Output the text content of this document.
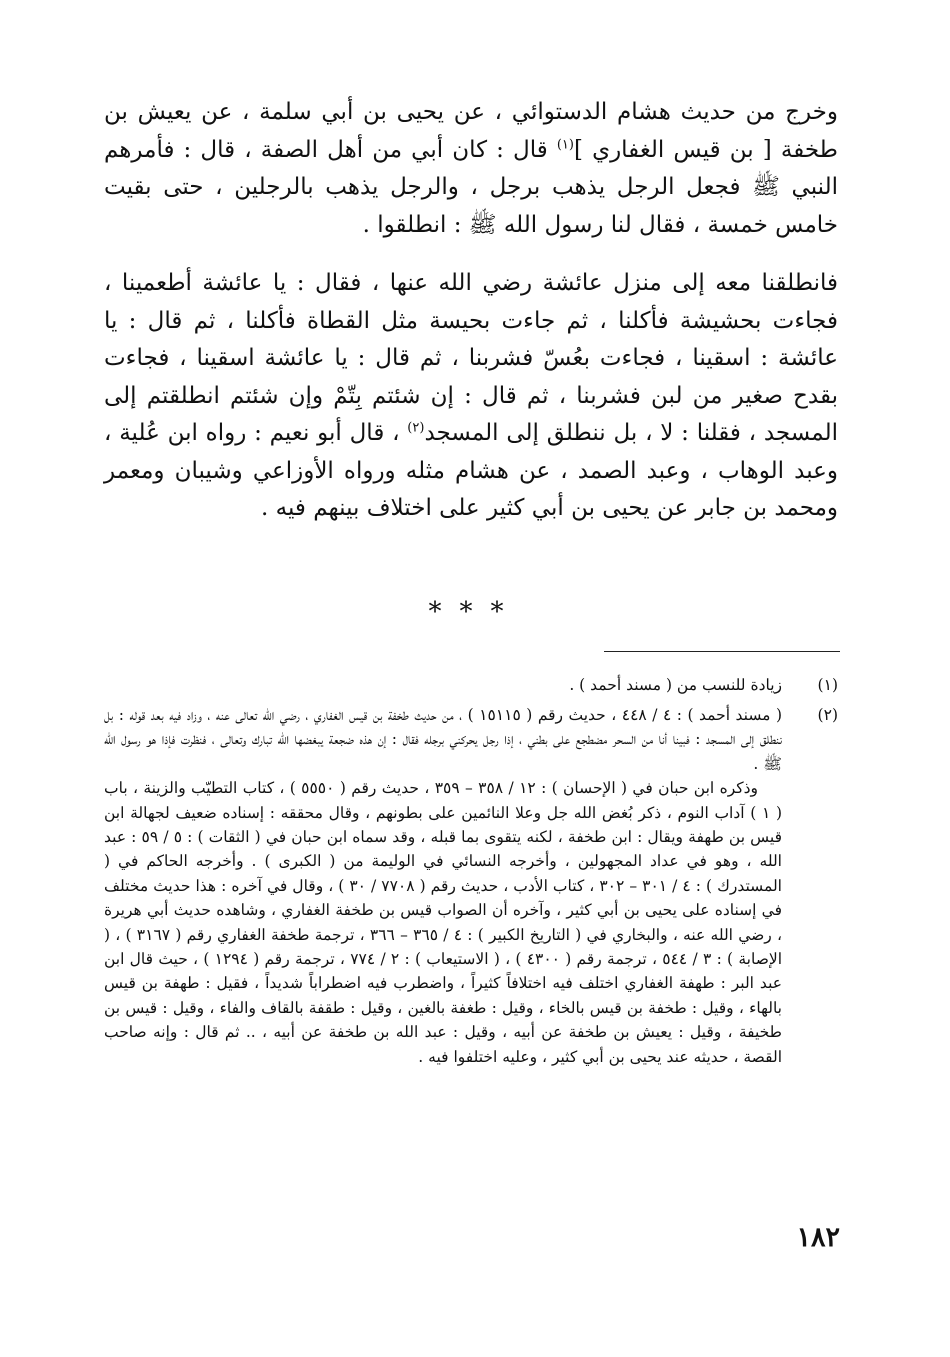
وخرج من حديث هشام الدستوائي ، عن يحيى بن أبي سلمة ، عن يعيش بن طخفة [ بن قيس الغفاري ]$^{(١)}$ قال : كان أبي من أهل الصفة ، قال : فأمرهم النبي ﷺ فجعل الرجل يذهب برجل ، والرجل يذهب بالرجلين ، حتى بقيت خامس خمسة ، فقال لنا رسول الله ﷺ : انطلقوا .

فانطلقنا معه إلى منزل عائشة رضي الله عنها ، فقال : يا عائشة أطعمينا ، فجاءت بحشيشة فأكلنا ، ثم جاءت بحيسة مثل القطاة فأكلنا ، ثم قال : يا عائشة : اسقينا ، فجاءت بعُسّ فشربنا ، ثم قال : يا عائشة اسقينا ، فجاءت بقدح صغير من لبن فشربنا ، ثم قال : إن شئتم بِتّمْ وإن شئتم انطلقتم إلى المسجد ، فقلنا : لا ، بل ننطلق إلى المسجد$^{(٢)}$ ، قال أبو نعيم : رواه ابن عُلية ، وعبد الوهاب ، وعبد الصمد ، عن هشام مثله ورواه الأوزاعي وشيبان ومعمر ومحمد بن جابر عن يحيى بن أبي كثير على اختلاف بينهم فيه .

***
(١)

زيادة للنسب من ( مسند أحمد ) .

(٢)

( مسند أحمد ) : ٤ / ٤٤٨ ، حديث رقم ( ١٥١١٥ ) ، من حديث طخفة بن قيس الغفاري ، رضي الله تعالى عنه ، وزاد فيه بعد قوله : بل ننطلق إلى المسجد : فبينا أنا من السحر مضطجع على بطني ، إذا رجل يحركني برجله فقال : إن هذه ضجعة يبغضها الله تبارك وتعالى ، فنظرت فإذا هو رسول الله ﷺ .

وذكره ابن حبان في ( الإحسان ) : ١٢ / ٣٥٨ – ٣٥٩ ، حديث رقم ( ٥٥٥٠ ) ، كتاب التطيّب والزينة ، باب ( ١ ) آداب النوم ، ذكر بُغض الله جل وعلا النائمين على بطونهم ، وقال محققه : إسناده ضعيف لجهالة ابن قيس بن طهفة ويقال : ابن طخفة ، لكنه يتقوى بما قبله ، وقد سماه ابن حبان في ( الثقات ) : ٥ / ٥٩ : عبد الله ، وهو في عداد المجهولين ، وأخرجه النسائي في الوليمة من ( الكبرى ) . وأخرجه الحاكم في ( المستدرك ) : ٤ / ٣٠١ – ٣٠٢ ، كتاب الأدب ، حديث رقم ( ٧٧٠٨ / ٣٠ ) ، وقال في آخره : هذا حديث مختلف في إسناده على يحيى بن أبي كثير ، وآخره أن الصواب قيس بن طخفة الغفاري ، وشاهده حديث أبي هريرة ، رضي الله عنه ، والبخاري في ( التاريخ الكبير ) : ٤ / ٣٦٥ – ٣٦٦ ، ترجمة طخفة الغفاري رقم ( ٣١٦٧ ) ، ( الإصابة ) : ٣ / ٥٤٤ ، ترجمة رقم ( ٤٣٠٠ ) ، ( الاستيعاب ) : ٢ / ٧٧٤ ، ترجمة رقم ( ١٢٩٤ ) ، حيث قال ابن عبد البر : طهفة الغفاري اختلف فيه اختلافاً كثيراً ، واضطرب فيه اضطراباً شديداً ، فقيل : طهفة بن قيس بالهاء ، وقيل : طخفة بن قيس بالخاء ، وقيل : طغفة بالغين ، وقيل : طقفة بالقاف والفاء ، وقيل : قيس بن طخيفة ، وقيل : يعيش بن طخفة عن أبيه ، وقيل : عبد الله بن طخفة عن أبيه ، .. ثم قال : وإنه صاحب القصة ، حديثه عند يحيى بن أبي كثير ، وعليه اختلفوا فيه .

١٨٢
